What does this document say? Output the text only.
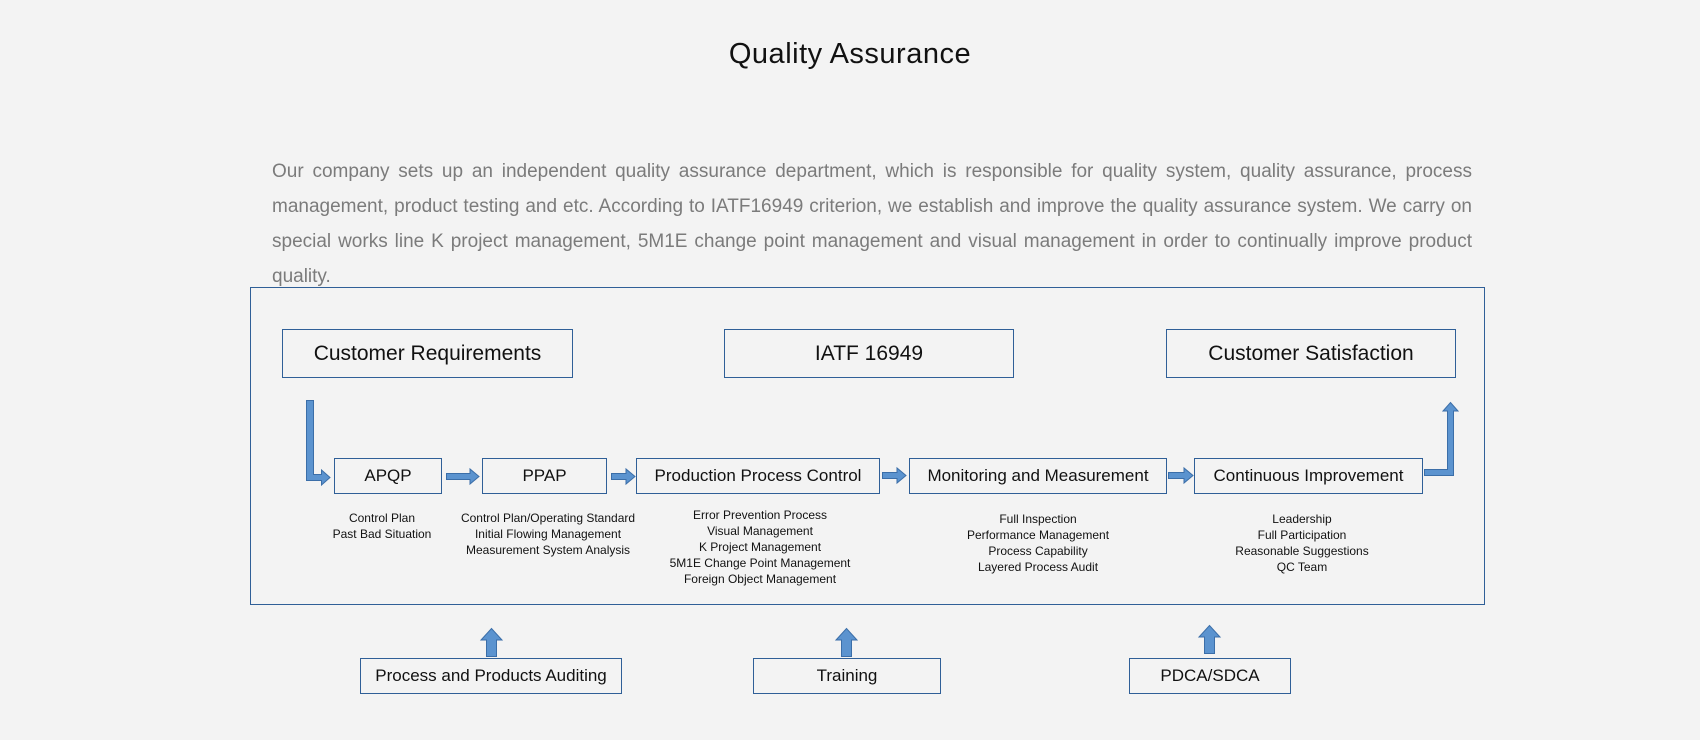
Quality Assurance

Our company sets up an independent quality assurance department, which is responsible for quality system, quality assurance, process management, product testing and etc. According to IATF16949 criterion, we establish and improve the quality assurance system. We carry on special works line K project management, 5M1E change point management and visual management in order to continually improve product quality.

Customer Requirements	IATF 16949	Customer Satisfaction
APQP	PPAP	Production Process Control	Monitoring and Measurement	Continuous Improvement
Control Plan
Past Bad Situation
Control Plan/Operating Standard
Initial Flowing Management
Measurement System Analysis
Error Prevention Process
Visual Management
K Project Management
5M1E Change Point Management
Foreign Object Management
Full Inspection
Performance Management
Process Capability
Layered Process Audit
Leadership
Full Participation
Reasonable Suggestions
QC Team
Process and Products Auditing	Training	PDCA/SDCA
